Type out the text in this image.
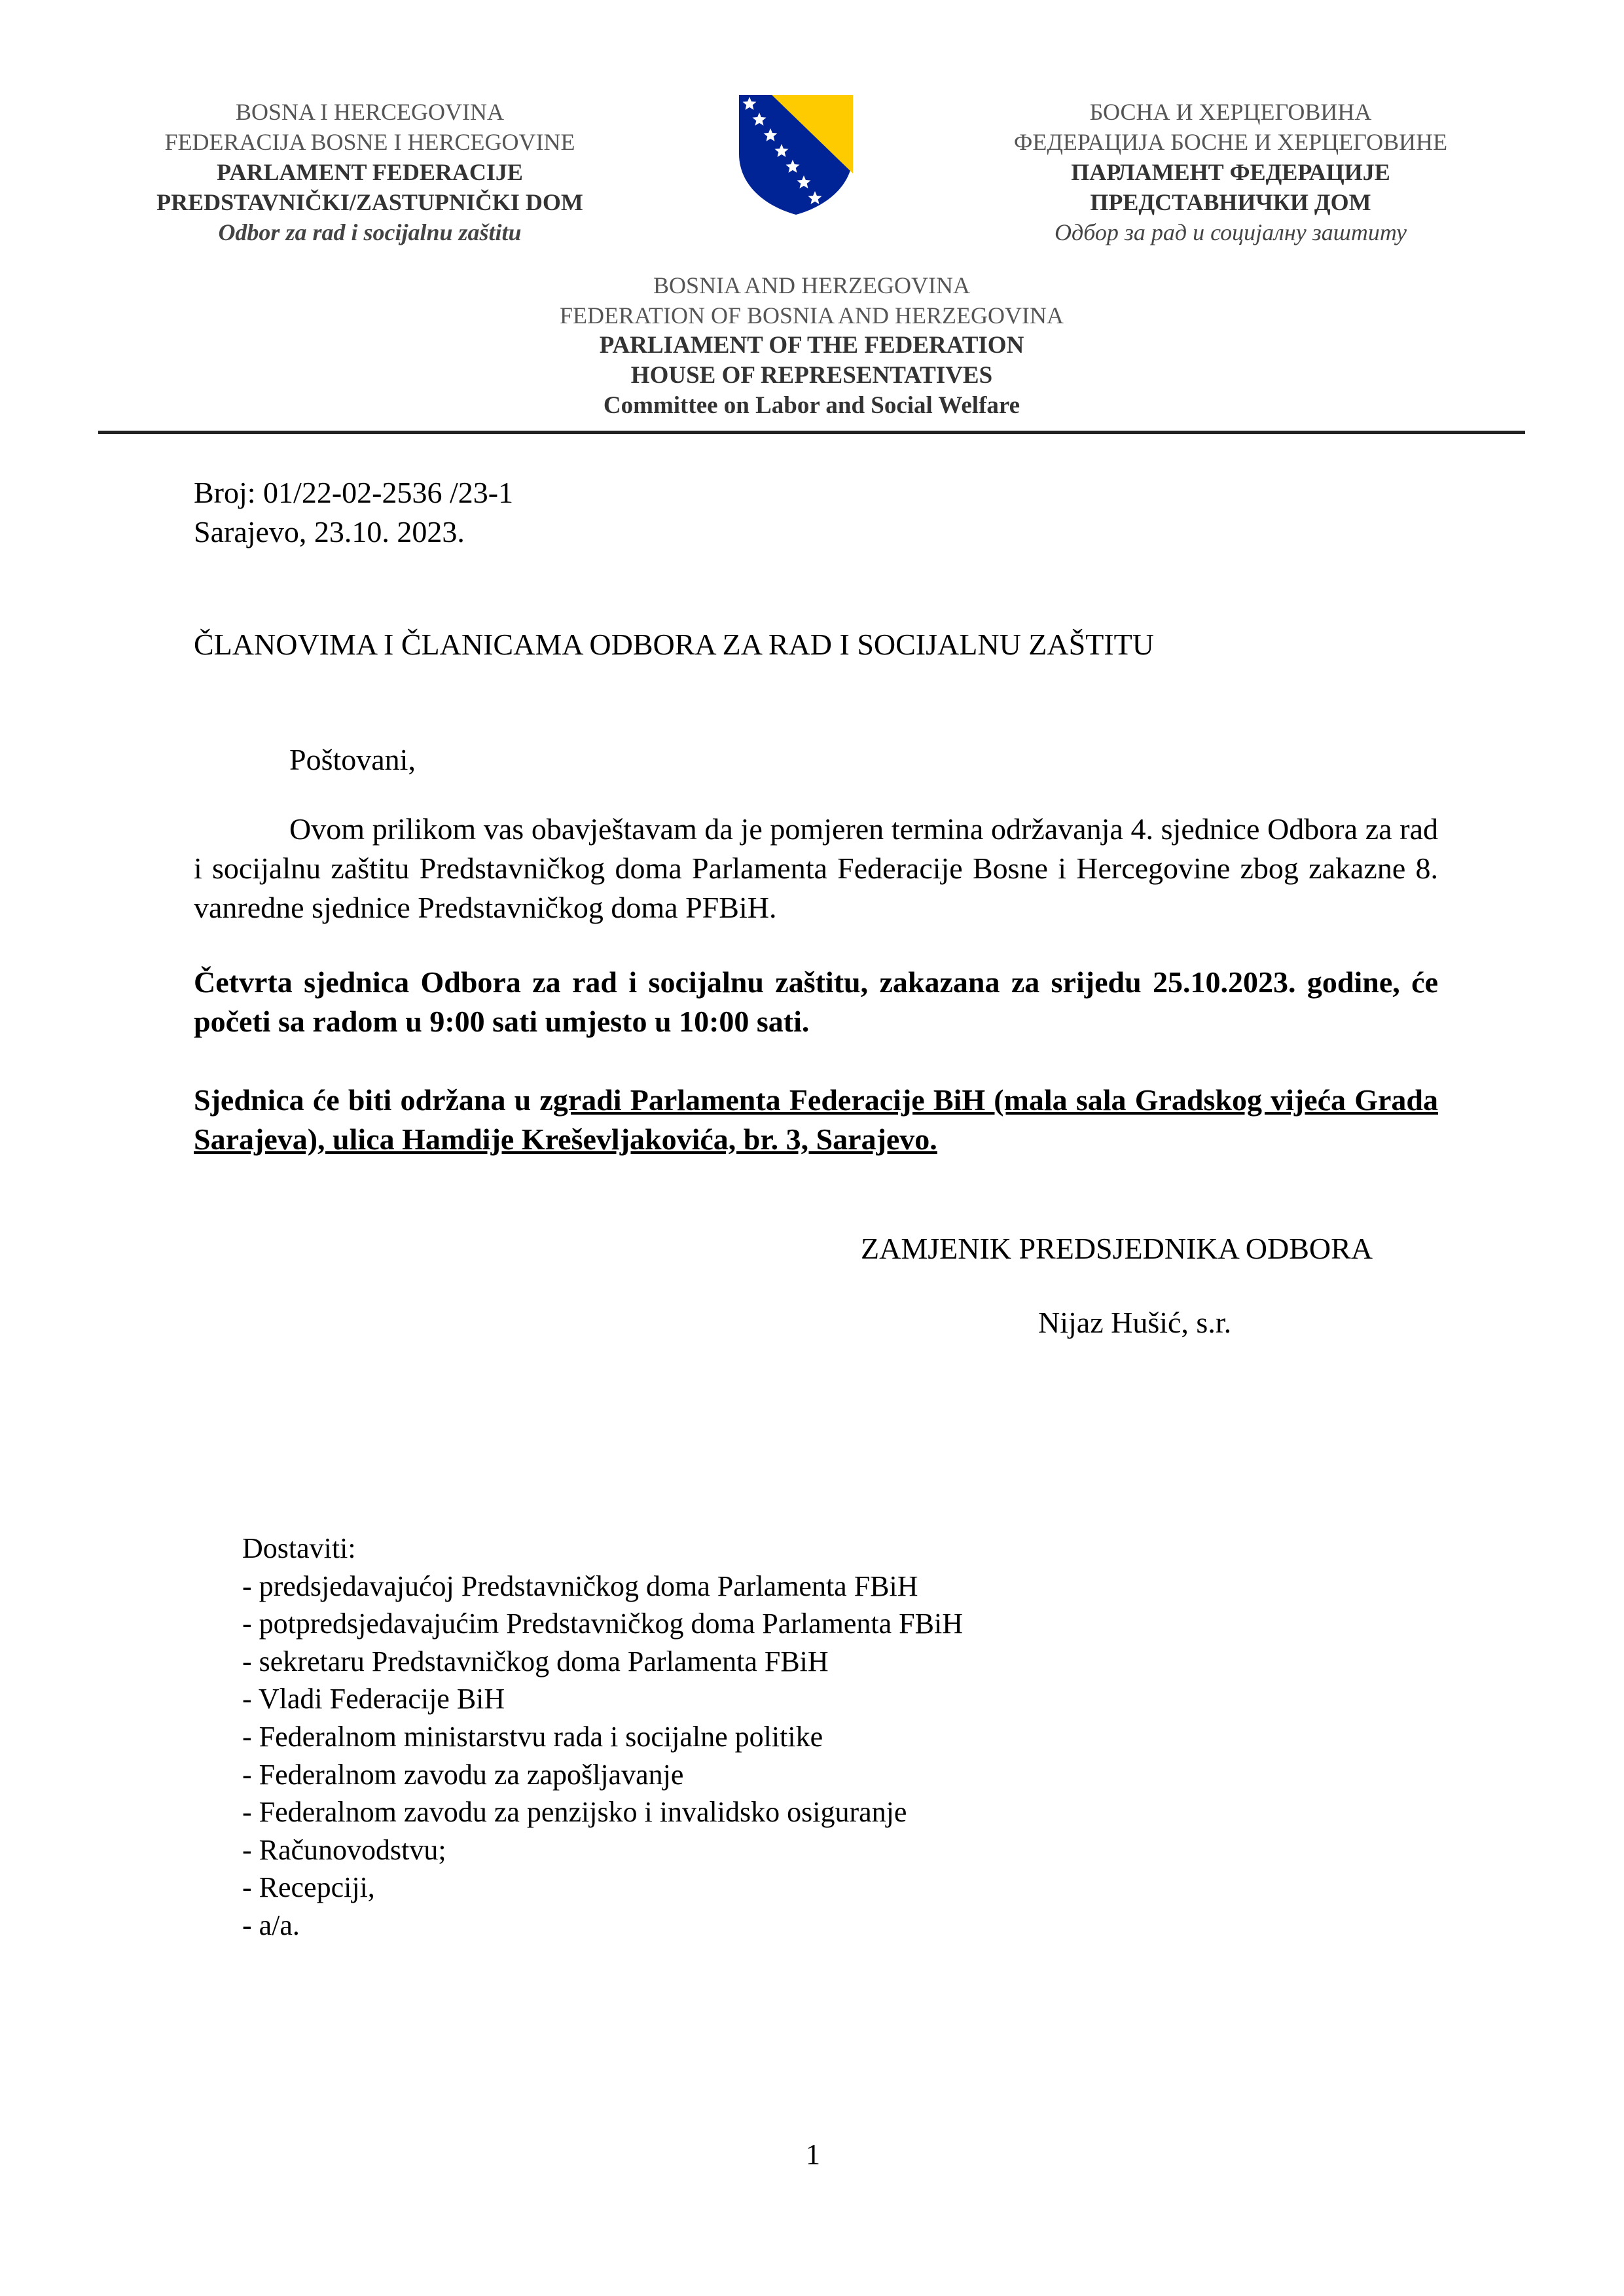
BOSNA I HERCEGOVINA
FEDERACIJA BOSNE I HERCEGOVINE
PARLAMENT FEDERACIJE
PREDSTAVNIČKI/ZASTUPNIČKI DOM
Odbor za rad i socijalnu zaštitu
БОСНА И ХЕРЦЕГОВИНА
ФЕДЕРАЦИЈА БОСНЕ И ХЕРЦЕГОВИНЕ
ПАРЛАМЕНТ ФЕДЕРАЦИЈЕ
ПРЕДСТАВНИЧКИ ДОМ
Одбор за рад и социјалну заштиту
BOSNIA AND HERZEGOVINA
FEDERATION OF BOSNIA AND HERZEGOVINA
PARLIAMENT OF THE FEDERATION
HOUSE OF REPRESENTATIVES
Committee on Labor and Social Welfare
Broj: 01/22-02-2536 /23-1
Sarajevo, 23.10. 2023.
ČLANOVIMA I ČLANICAMA ODBORA ZA RAD I SOCIJALNU ZAŠTITU
Poštovani,
Ovom prilikom vas obavještavam da je pomjeren termina održavanja 4. sjednice Odbora za rad i socijalnu zaštitu Predstavničkog doma Parlamenta Federacije Bosne i Hercegovine zbog zakazne 8. vanredne sjednice Predstavničkog doma PFBiH.
Četvrta sjednica Odbora za rad i socijalnu zaštitu, zakazana za srijedu 25.10.2023. godine, će početi sa radom u 9:00 sati umjesto u 10:00 sati.
Sjednica će biti održana u zgradi Parlamenta Federacije BiH (mala sala Gradskog vijeća Grada Sarajeva), ulica Hamdije Kreševljakovića, br. 3, Sarajevo.
ZAMJENIK PREDSJEDNIKA ODBORA
Nijaz Hušić, s.r.
Dostaviti:
- predsjedavajućoj Predstavničkog doma Parlamenta FBiH
- potpredsjedavajućim Predstavničkog doma Parlamenta FBiH
- sekretaru Predstavničkog doma Parlamenta FBiH
- Vladi Federacije BiH
- Federalnom ministarstvu rada i socijalne politike
- Federalnom zavodu za zapošljavanje
- Federalnom zavodu za penzijsko i invalidsko osiguranje
- Računovodstvu;
- Recepciji,
- a/a.
1
